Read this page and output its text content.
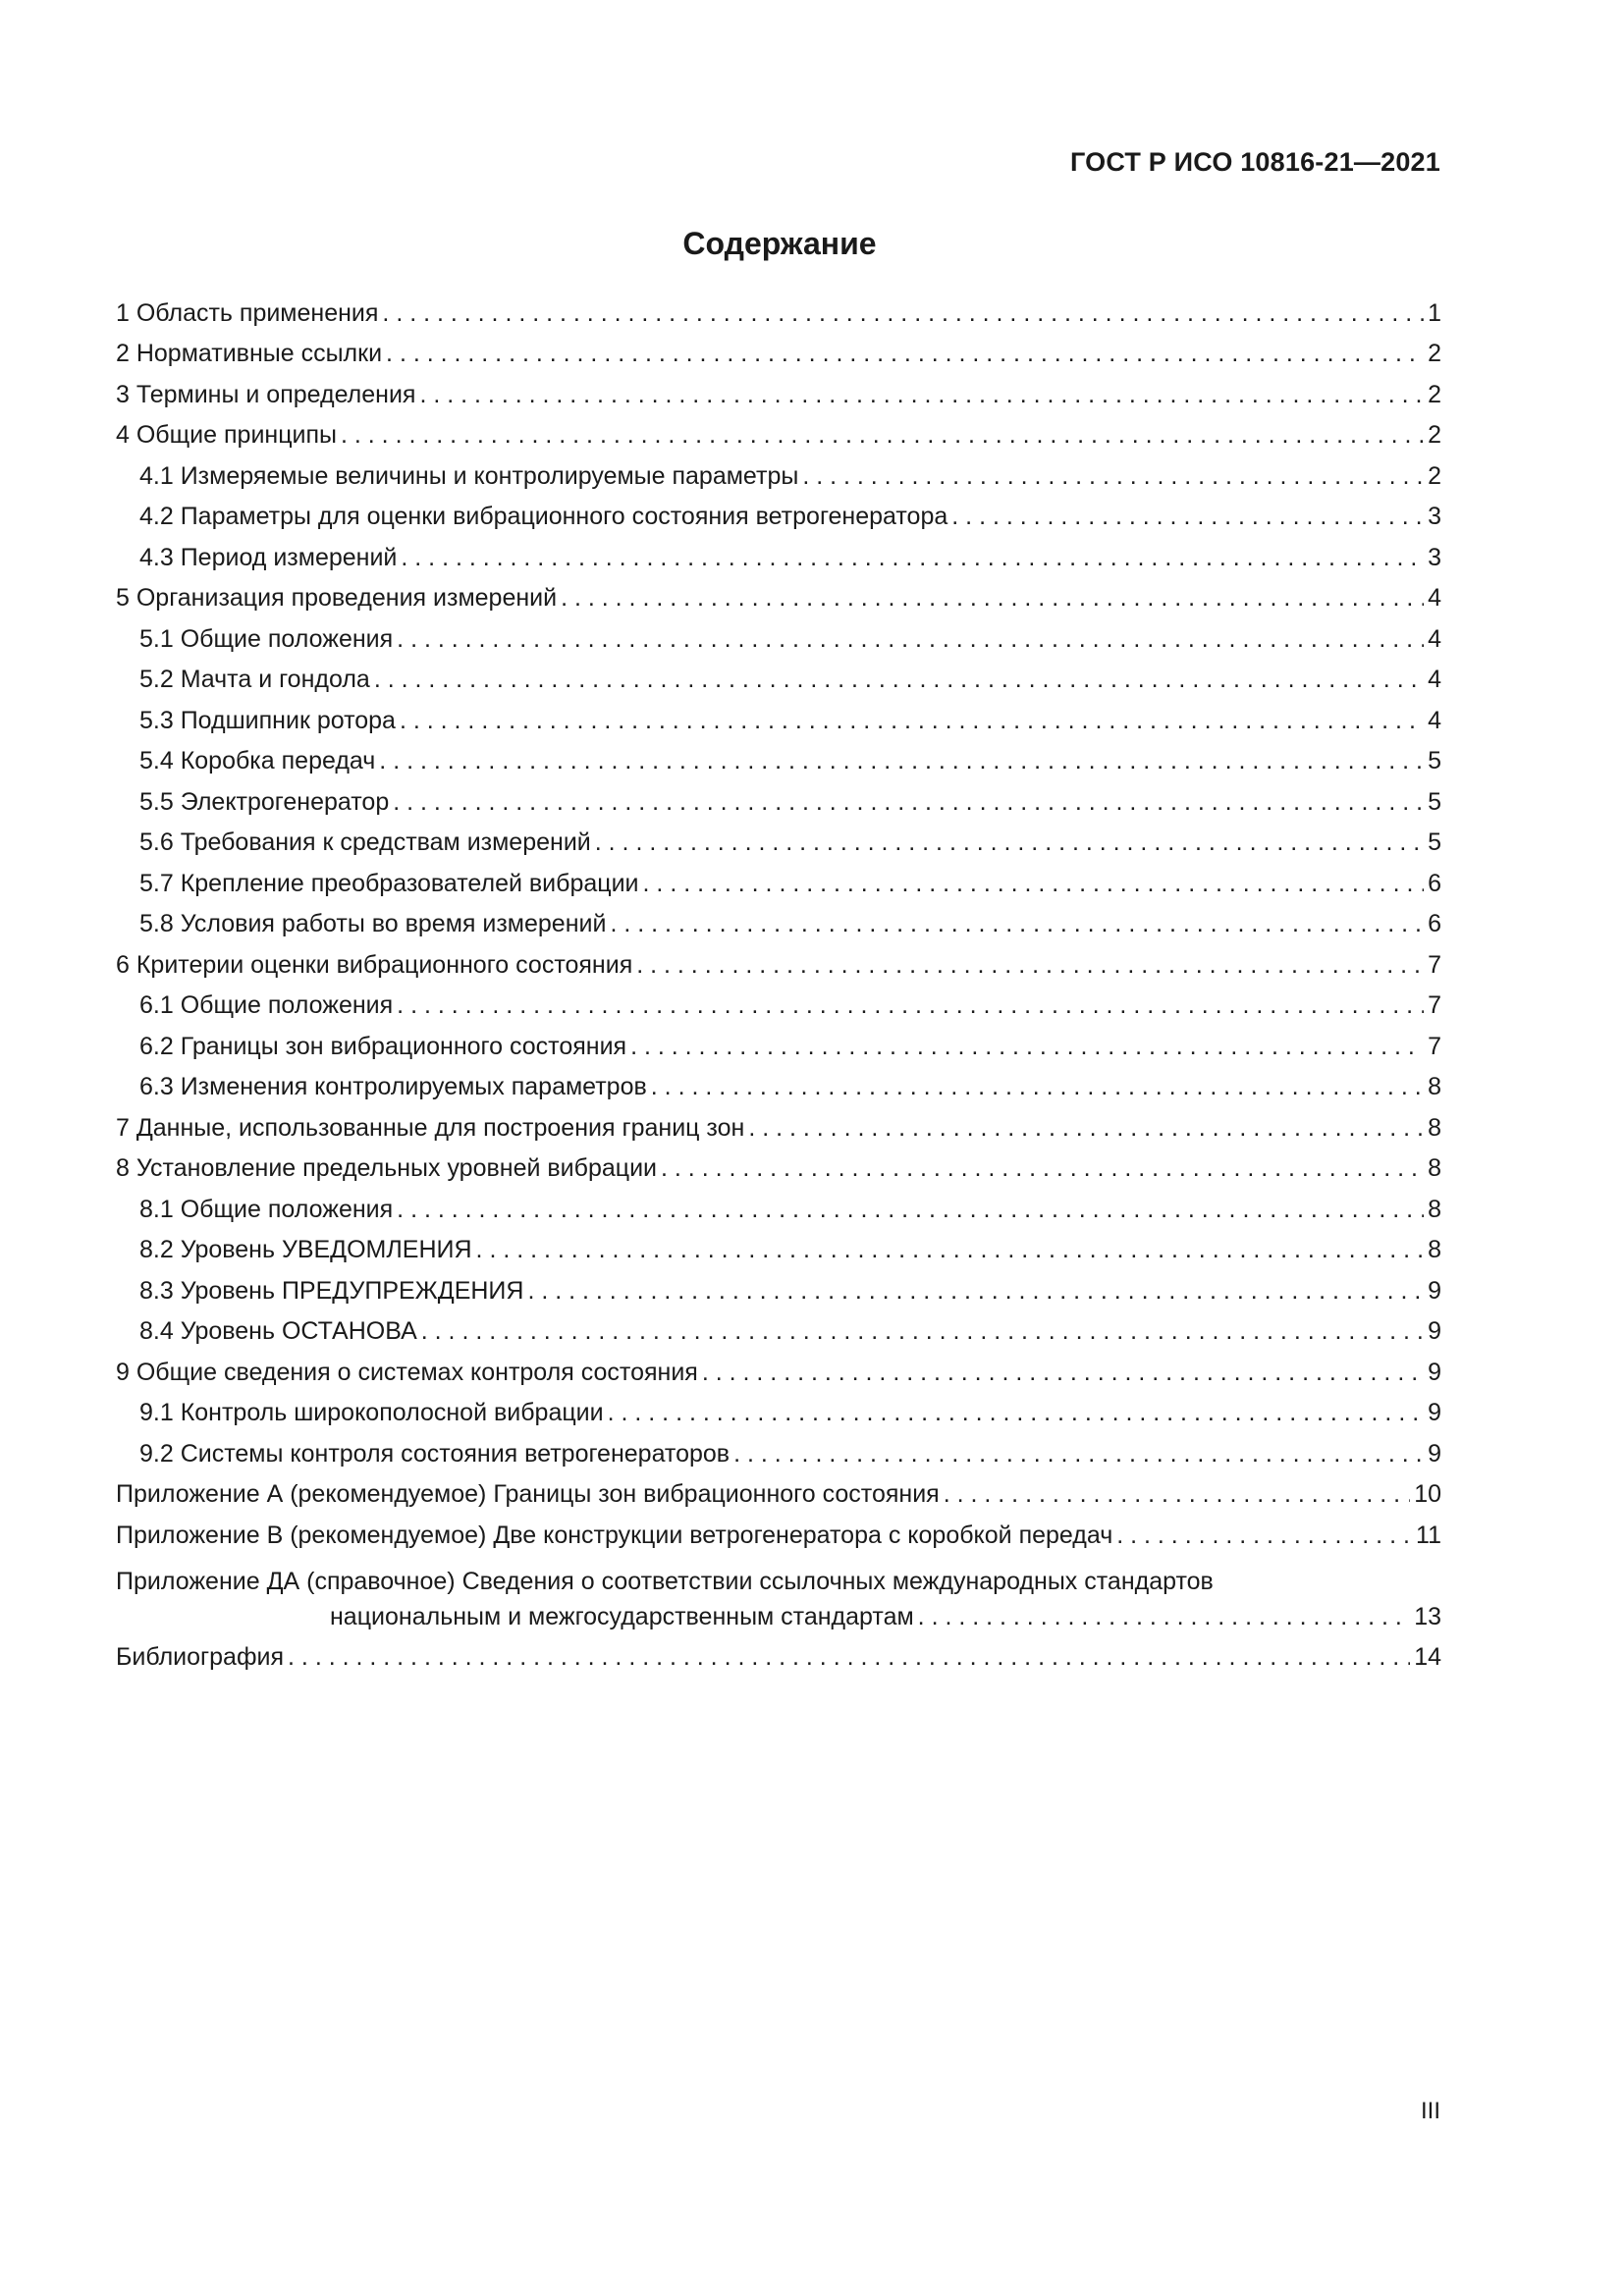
ГОСТ Р ИСО 10816-21—2021
Содержание
1 Область применения . . .	1
2 Нормативные ссылки . . .	2
3 Термины и определения . . .	2
4 Общие принципы . . .	2
4.1 Измеряемые величины и контролируемые параметры . . .	2
4.2 Параметры для оценки вибрационного состояния ветрогенератора . . .	3
4.3 Период измерений . . .	3
5 Организация проведения измерений . . .	4
5.1 Общие положения . . .	4
5.2 Мачта и гондола . . .	4
5.3 Подшипник ротора . . .	4
5.4 Коробка передач . . .	5
5.5 Электрогенератор . . .	5
5.6 Требования к средствам измерений . . .	5
5.7 Крепление преобразователей вибрации . . .	6
5.8 Условия работы во время измерений . . .	6
6 Критерии оценки вибрационного состояния . . .	7
6.1 Общие положения . . .	7
6.2 Границы зон вибрационного состояния . . .	7
6.3 Изменения контролируемых параметров . . .	8
7 Данные, использованные для построения границ зон . . .	8
8 Установление предельных уровней вибрации . . .	8
8.1 Общие положения . . .	8
8.2 Уровень УВЕДОМЛЕНИЯ . . .	8
8.3 Уровень ПРЕДУПРЕЖДЕНИЯ . . .	9
8.4 Уровень ОСТАНОВА . . .	9
9 Общие сведения о системах контроля состояния . . .	9
9.1 Контроль широкополосной вибрации . . .	9
9.2 Системы контроля состояния ветрогенераторов . . .	9
Приложение А (рекомендуемое) Границы зон вибрационного состояния . . .	10
Приложение В (рекомендуемое) Две конструкции ветрогенератора с коробкой передач . . .	11
Приложение ДА (справочное) Сведения о соответствии ссылочных международных стандартов
национальным и межгосударственным стандартам . . .	13
Библиография . . .	14
III
